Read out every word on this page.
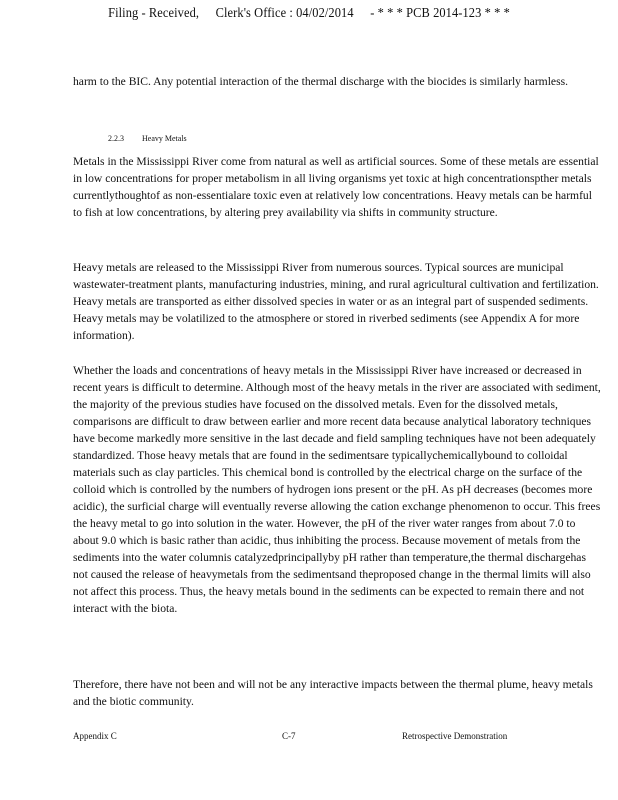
Filing - Received, Clerk's Office : 04/02/2014 - * * * PCB 2014-123 * * *

harm to the BIC. Any potential interaction of the thermal discharge with the biocides is similarly harmless.

2.2.3 Heavy Metals

Metals in the Mississippi River come from natural as well as artificial sources. Some of these metals are essential in low concentrations for proper metabolism in all living organisms yet toxic at high concentrationspther metals currentlythoughtof as non-essentialare toxic even at relatively low concentrations. Heavy metals can be harmful to fish at low concentrations, by altering prey availability via shifts in community structure.

Heavy metals are released to the Mississippi River from numerous sources. Typical sources are municipal wastewater-treatment plants, manufacturing industries, mining, and rural agricultural cultivation and fertilization. Heavy metals are transported as either dissolved species in water or as an integral part of suspended sediments. Heavy metals may be volatilized to the atmosphere or stored in riverbed sediments (see Appendix A for more information).

Whether the loads and concentrations of heavy metals in the Mississippi River have increased or decreased in recent years is difficult to determine. Although most of the heavy metals in the river are associated with sediment, the majority of the previous studies have focused on the dissolved metals. Even for the dissolved metals, comparisons are difficult to draw between earlier and more recent data because analytical laboratory techniques have become markedly more sensitive in the last decade and field sampling techniques have not been adequately standardized. Those heavy metals that are found in the sedimentsare typicallychemicallybound to colloidal materials such as clay particles. This chemical bond is controlled by the electrical charge on the surface of the colloid which is controlled by the numbers of hydrogen ions present or the pH. As pH decreases (becomes more acidic), the surficial charge will eventually reverse allowing the cation exchange phenomenon to occur. This frees the heavy metal to go into solution in the water. However, the pH of the river water ranges from about 7.0 to about 9.0 which is basic rather than acidic, thus inhibiting the process. Because movement of metals from the sediments into the water columnis catalyzedprincipallyby pH rather than temperature,the thermal dischargehas not caused the release of heavymetals from the sedimentsand theproposed change in the thermal limits will also not affect this process. Thus, the heavy metals bound in the sediments can be expected to remain there and not interact with the biota.

Therefore, there have not been and will not be any interactive impacts between the thermal plume, heavy metals and the biotic community.

Appendix C	C-7	Retrospective Demonstration
